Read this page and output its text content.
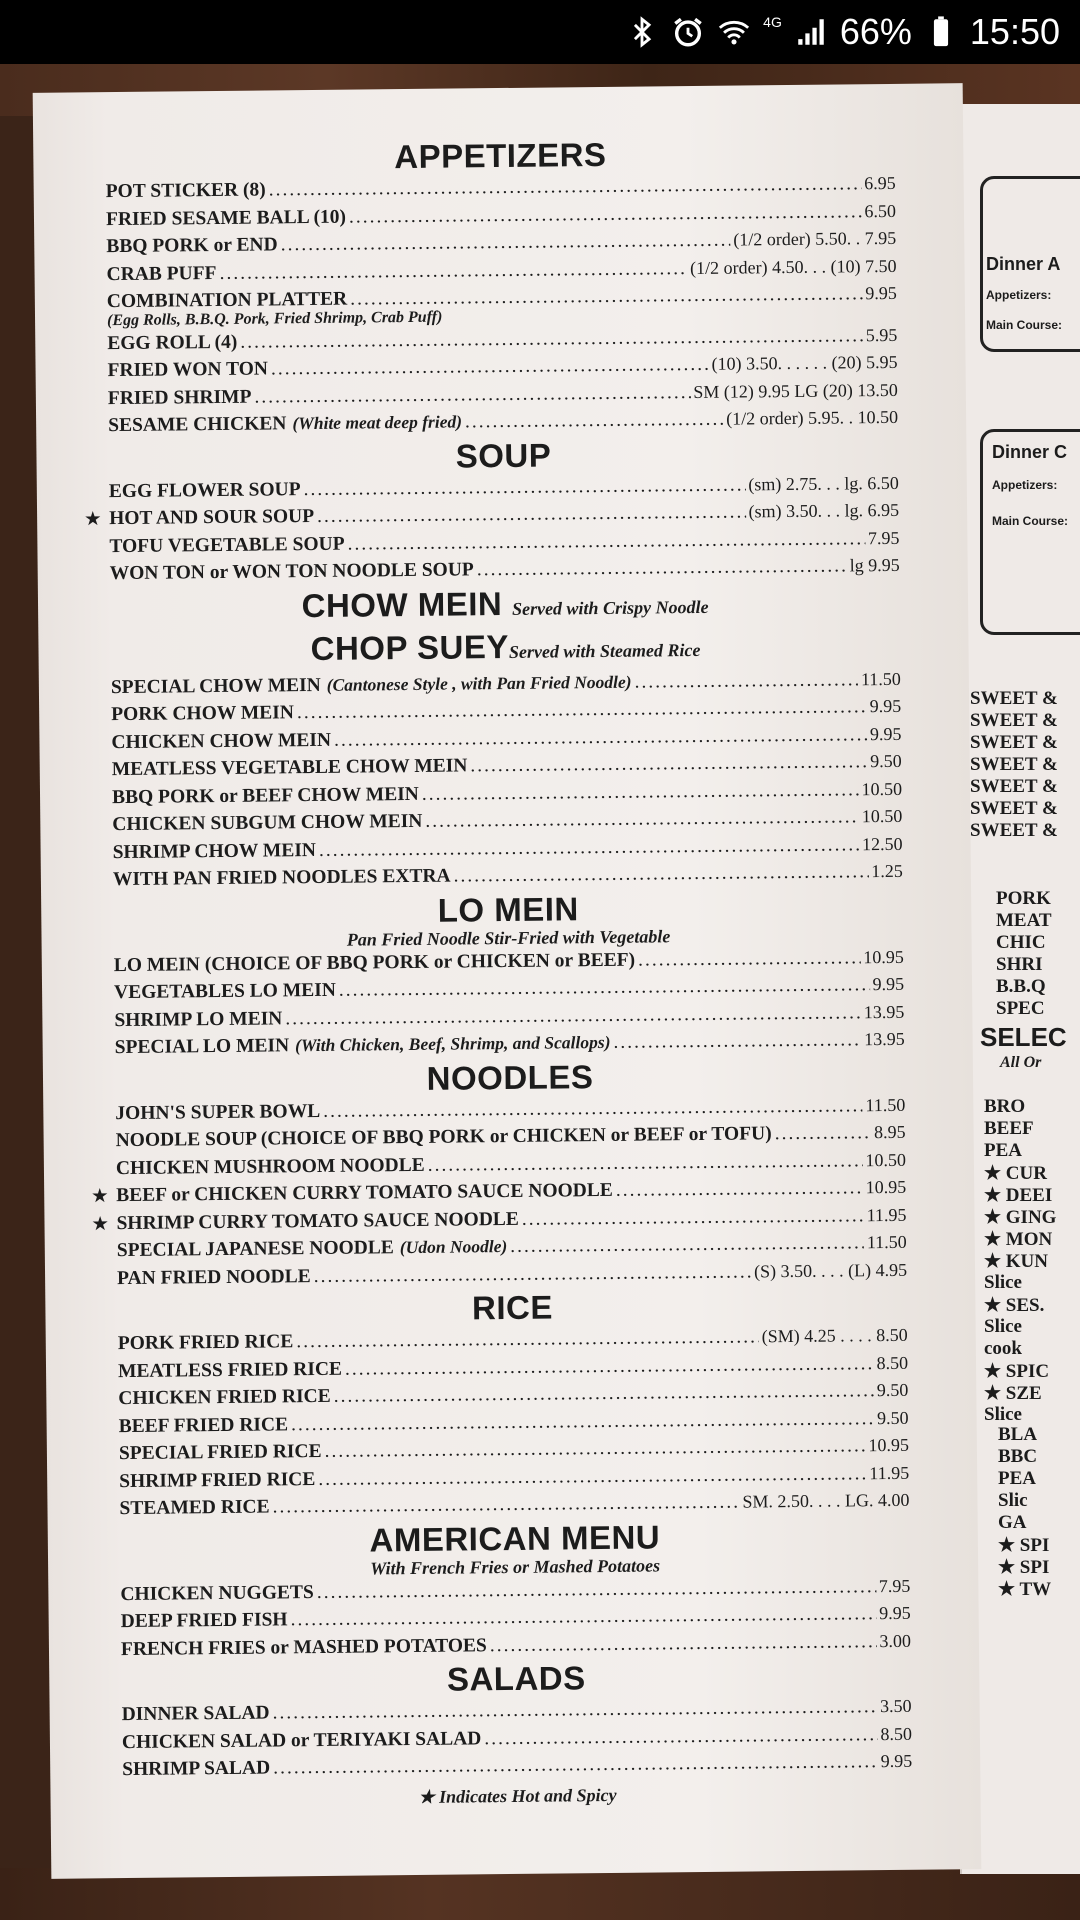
4G 66% 15:50
Dinner A
Appetizers:
Main Course:
Dinner C
Appetizers:
Main Course:
SWEET &
SWEET &
SWEET &
SWEET &
SWEET &
SWEET &
SWEET &
PORK
MEAT
CHIC
SHRI
B.B.Q
SPEC
SELEC
All Or
BRO
BEEF
PEA
★ CUR
★ DEEI
★ GING
★ MON
★ KUN
Slice
★ SES.
Slice
cook
★ SPIC
★ SZE
Slice
BLA
BBC
PEA
Slic
GA
★ SPI
★ SPI
★ TW
APPETIZERS
POT STICKER (8) .....	6.95
FRIED SESAME BALL (10) .....	6.50
BBQ PORK or END .....	(1/2 order) 5.50. . 7.95
CRAB PUFF .....	(1/2 order) 4.50. . . (10) 7.50
COMBINATION PLATTER .....	9.95
(Egg Rolls, B.B.Q. Pork, Fried Shrimp, Crab Puff)
EGG ROLL (4) .....	5.95
FRIED WON TON .....	(10) 3.50. . . . . . (20) 5.95
FRIED SHRIMP .....	SM (12) 9.95 LG (20) 13.50
SESAME CHICKEN (White meat deep fried) .....	(1/2 order) 5.95. . 10.50
SOUP
EGG FLOWER SOUP .....	(sm) 2.75. . . lg. 6.50
★ HOT AND SOUR SOUP .....	(sm) 3.50. . . lg. 6.95
TOFU VEGETABLE SOUP .....	7.95
WON TON or WON TON NOODLE SOUP .....	lg 9.95
CHOW MEIN Served with Crispy Noodle
CHOP SUEYServed with Steamed Rice
SPECIAL CHOW MEIN (Cantonese Style , with Pan Fried Noodle) .....	11.50
PORK CHOW MEIN .....	9.95
CHICKEN CHOW MEIN .....	9.95
MEATLESS VEGETABLE CHOW MEIN .....	9.50
BBQ PORK or BEEF CHOW MEIN .....	10.50
CHICKEN SUBGUM CHOW MEIN .....	10.50
SHRIMP CHOW MEIN .....	12.50
WITH PAN FRIED NOODLES EXTRA .....	1.25
LO MEIN
Pan Fried Noodle Stir-Fried with Vegetable
LO MEIN (CHOICE OF BBQ PORK or CHICKEN or BEEF) .....	10.95
VEGETABLES LO MEIN .....	9.95
SHRIMP LO MEIN .....	13.95
SPECIAL LO MEIN (With Chicken, Beef, Shrimp, and Scallops) .....	13.95
NOODLES
JOHN'S SUPER BOWL .....	11.50
NOODLE SOUP (CHOICE OF BBQ PORK or CHICKEN or BEEF or TOFU) .....	8.95
CHICKEN MUSHROOM NOODLE .....	10.50
★ BEEF or CHICKEN CURRY TOMATO SAUCE NOODLE .....	10.95
★ SHRIMP CURRY TOMATO SAUCE NOODLE .....	11.95
SPECIAL JAPANESE NOODLE (Udon Noodle) .....	11.50
PAN FRIED NOODLE .....	(S) 3.50. . . . (L) 4.95
RICE
PORK FRIED RICE .....	(SM) 4.25 . . . . 8.50
MEATLESS FRIED RICE .....	8.50
CHICKEN FRIED RICE .....	9.50
BEEF FRIED RICE .....	9.50
SPECIAL FRIED RICE .....	10.95
SHRIMP FRIED RICE .....	11.95
STEAMED RICE .....	SM. 2.50. . . . LG. 4.00
AMERICAN MENU
With French Fries or Mashed Potatoes
CHICKEN NUGGETS .....	7.95
DEEP FRIED FISH .....	9.95
FRENCH FRIES or MASHED POTATOES .....	3.00
SALADS
DINNER SALAD .....	3.50
CHICKEN SALAD or TERIYAKI SALAD .....	8.50
SHRIMP SALAD .....	9.95
★ Indicates Hot and Spicy
